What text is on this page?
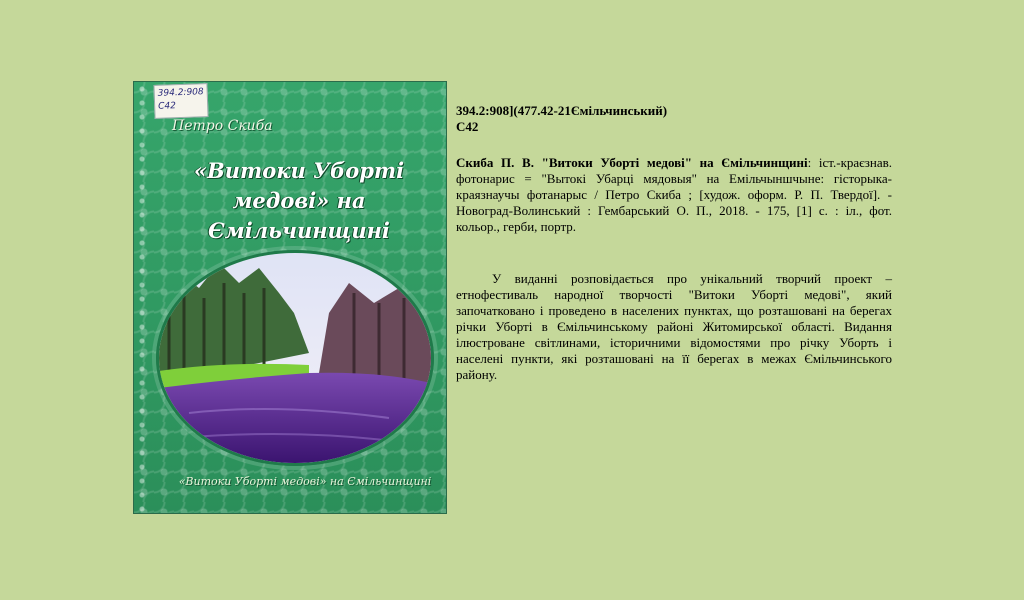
394.2:908
С42
Петро Скиба
«Витоки Уборті медові» на Ємільчинщині
«Витоки Уборті медові» на Ємільчинщині

394.2:908](477.42-21Ємільчинський)

С42

Скиба П. В. "Витоки Уборті медові" на Ємільчинщині: іст.-краєзнав. фотонарис = "Вытокі Убарці мядовыя" на Емільчыншчыне: гісторыка-краязнаучы фотанарыс / Петро Скиба ; [худож. оформ. Р. П. Твердої]. - Новоград-Волинський : Гембарський О. П., 2018. - 175, [1] с. : іл., фот. кольор., герби, портр.

У виданні розповідається про унікальний творчий проект – етнофестиваль народної творчості "Витоки Уборті медові", який започатковано і проведено в населених пунктах, що розташовані на берегах річки Уборті в Ємільчинському районі Житомирської області. Видання ілюстроване світлинами, історичними відомостями про річку Уборть і населені пункти, які розташовані на її берегах в межах Ємільчинського району.
